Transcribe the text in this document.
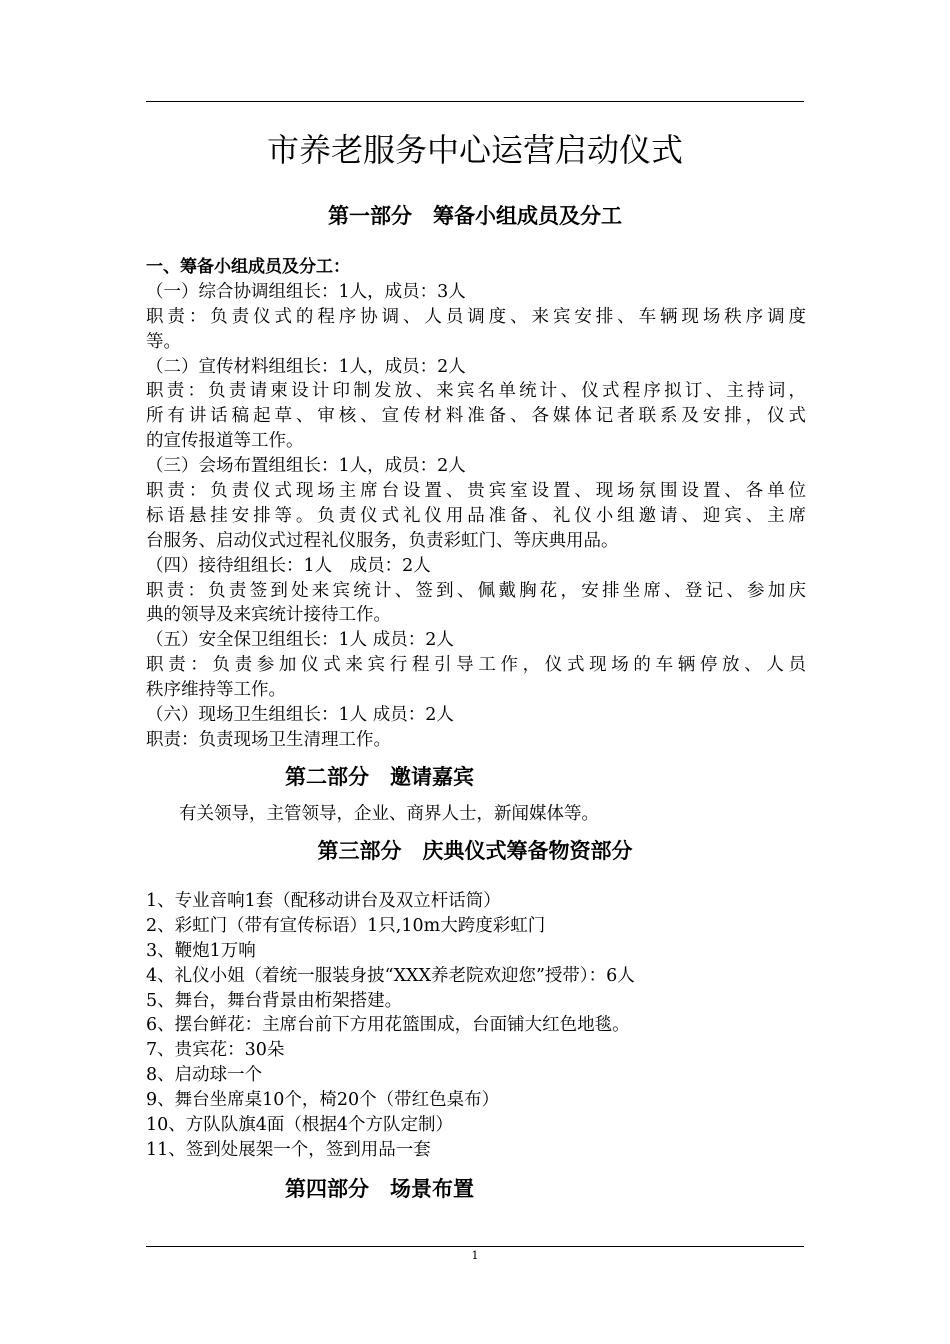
市养老服务中心运营启动仪式
第一部分　筹备小组成员及分工
一、筹备小组成员及分工：
（一）综合协调组组长：1人，成员：3人
职责：负责仪式的程序协调、人员调度、来宾安排、车辆现场秩序调度
等。
（二）宣传材料组组长：1人，成员：2人
职责：负责请柬设计印制发放、来宾名单统计、仪式程序拟订、主持词，
所有讲话稿起草、审核、宣传材料准备、各媒体记者联系及安排，仪式
的宣传报道等工作。
（三）会场布置组组长：1人，成员：2人
职责：负责仪式现场主席台设置、贵宾室设置、现场氛围设置、各单位
标语悬挂安排等。负责仪式礼仪用品准备、礼仪小组邀请、迎宾、主席
台服务、启动仪式过程礼仪服务，负责彩虹门、等庆典用品。
（四）接待组组长：1人　成员：2人
职责：负责签到处来宾统计、签到、佩戴胸花，安排坐席、登记、参加庆
典的领导及来宾统计接待工作。
（五）安全保卫组组长：1人 成员：2人
职责：负责参加仪式来宾行程引导工作，仪式现场的车辆停放、人员
秩序维持等工作。
（六）现场卫生组组长：1人 成员：2人
职责：负责现场卫生清理工作。
第二部分　邀请嘉宾
有关领导，主管领导，企业、商界人士，新闻媒体等。
第三部分　庆典仪式筹备物资部分
1、专业音响1套（配移动讲台及双立杆话筒）
2、彩虹门（带有宣传标语）1只,10m大跨度彩虹门
3、鞭炮1万响
4、礼仪小姐（着统一服装身披“XXX养老院欢迎您”授带）：6人
5、舞台，舞台背景由桁架搭建。
6、摆台鲜花：主席台前下方用花篮围成，台面铺大红色地毯。
7、贵宾花：30朵
8、启动球一个
9、舞台坐席桌10个，椅20个（带红色桌布）
10、方队队旗4面（根据4个方队定制）
11、签到处展架一个，签到用品一套
第四部分　场景布置
1
